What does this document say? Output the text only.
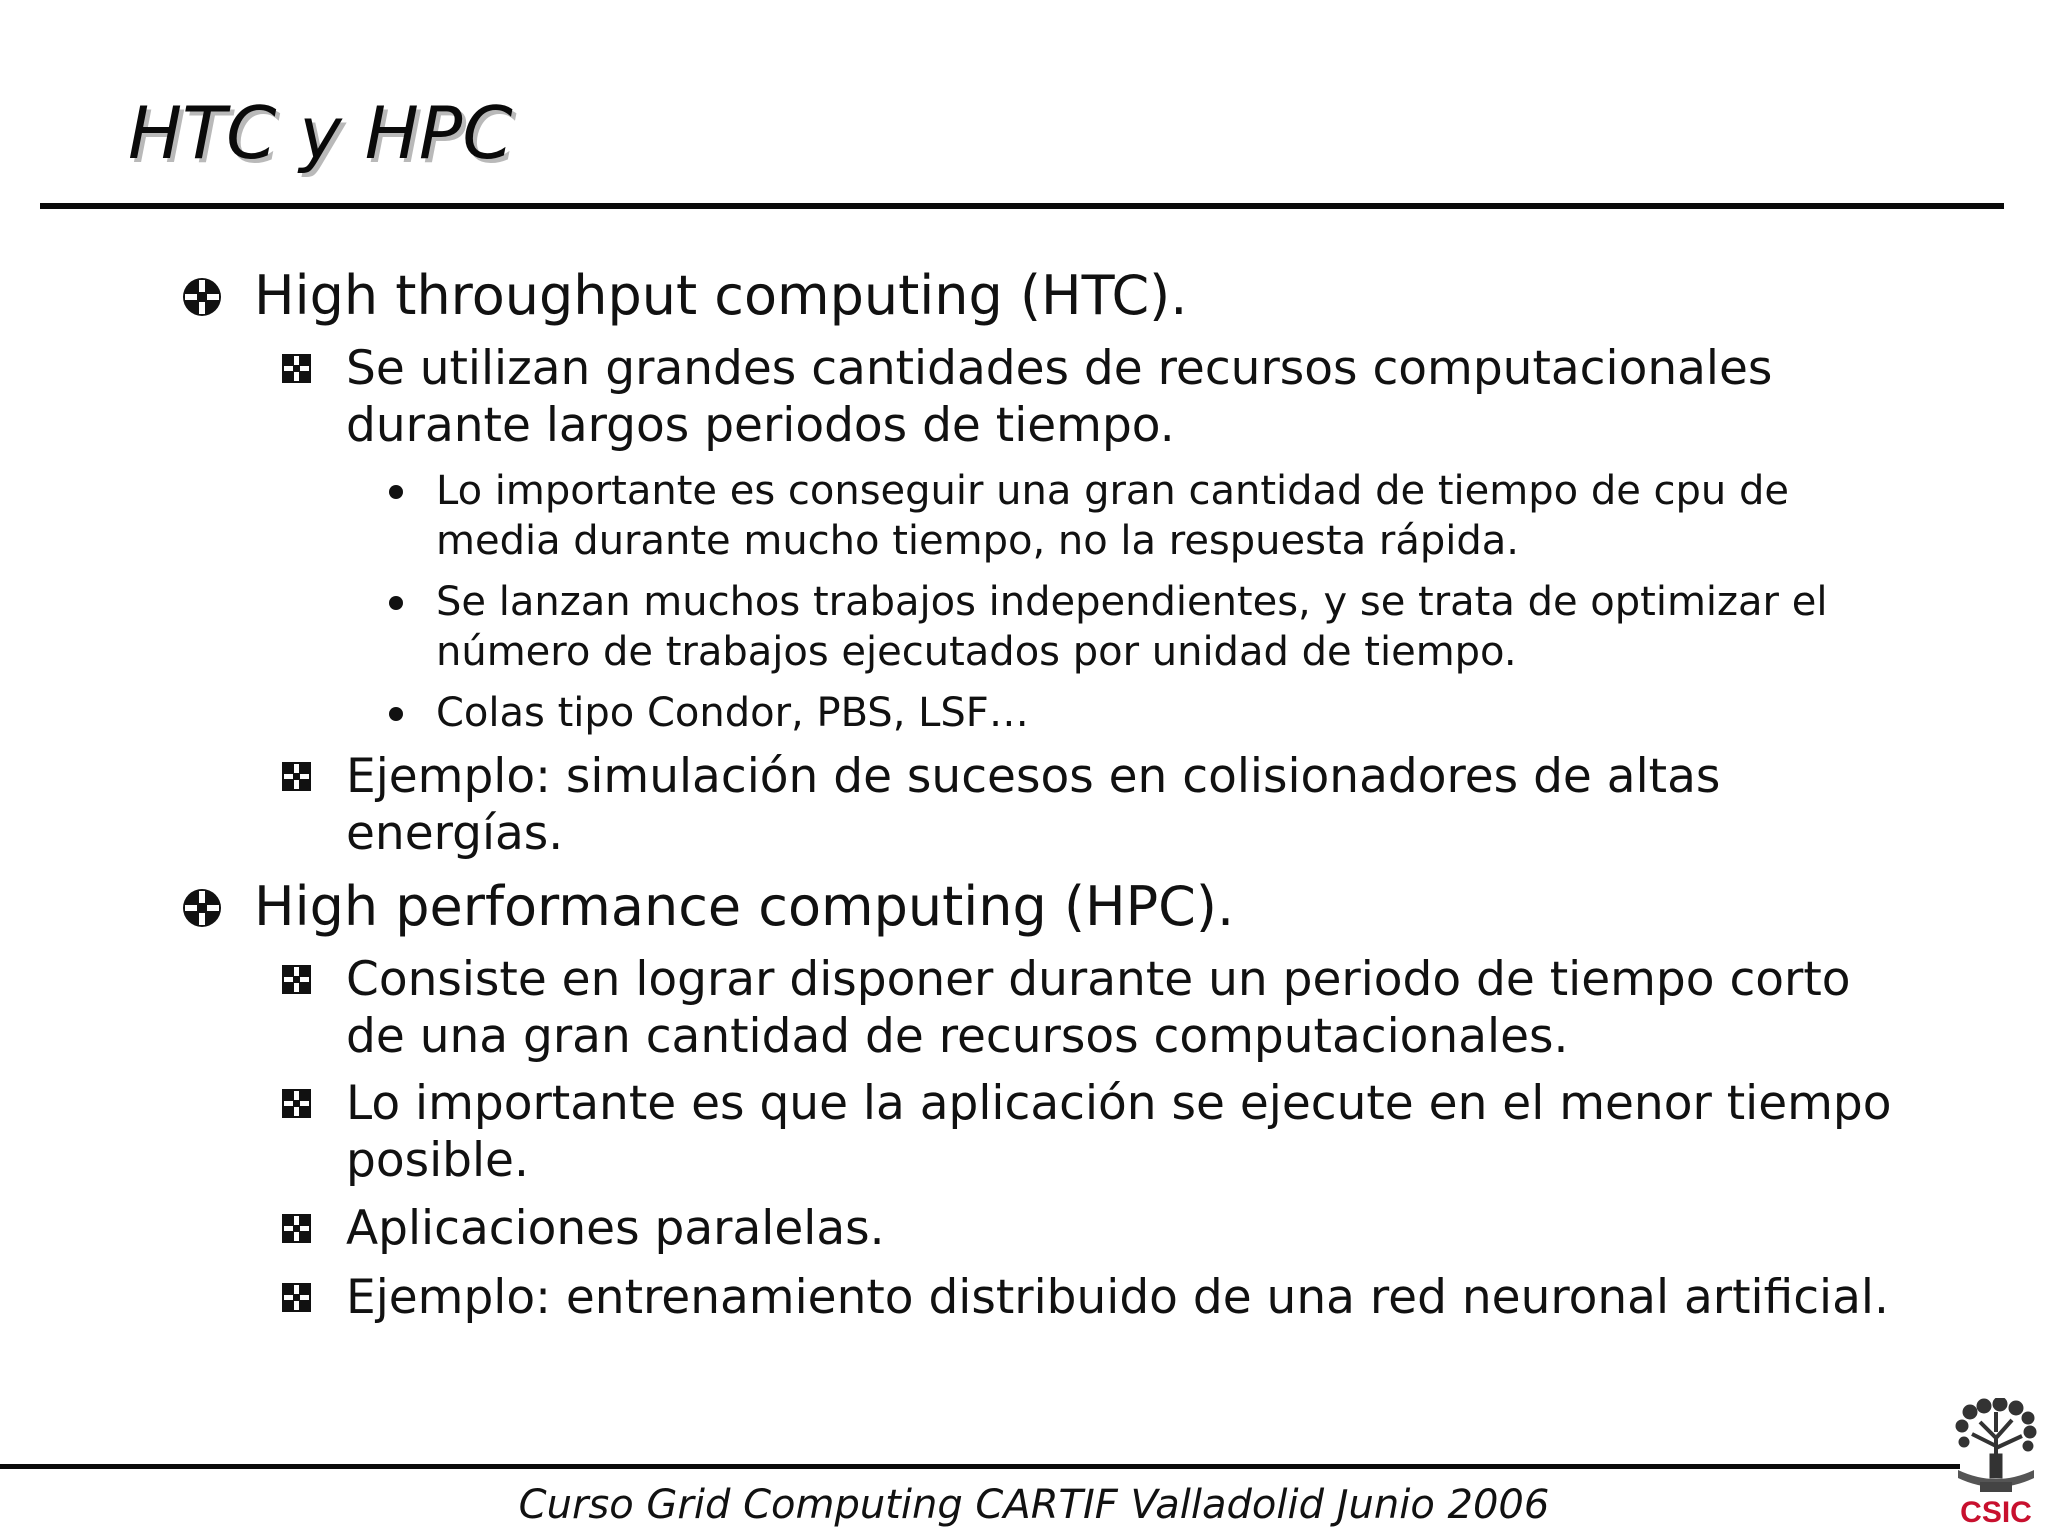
HTC y HPC
High throughput computing (HTC).
Se utilizan grandes cantidades de recursos computacionales durante largos periodos de tiempo.
Lo importante es conseguir una gran cantidad de tiempo de cpu de media durante mucho tiempo, no la respuesta rápida.
Se lanzan muchos trabajos independientes, y se trata de optimizar el número de trabajos ejecutados por unidad de tiempo.
Colas tipo Condor, PBS, LSF…
Ejemplo: simulación de sucesos en colisionadores de altas energías.
High performance computing (HPC).
Consiste en lograr disponer durante un periodo de tiempo corto de una gran cantidad de recursos computacionales.
Lo importante es que la aplicación se ejecute en el menor tiempo posible.
Aplicaciones paralelas.
Ejemplo: entrenamiento distribuido de una red neuronal artificial.
Curso Grid Computing CARTIF Valladolid Junio 2006	CSIC
